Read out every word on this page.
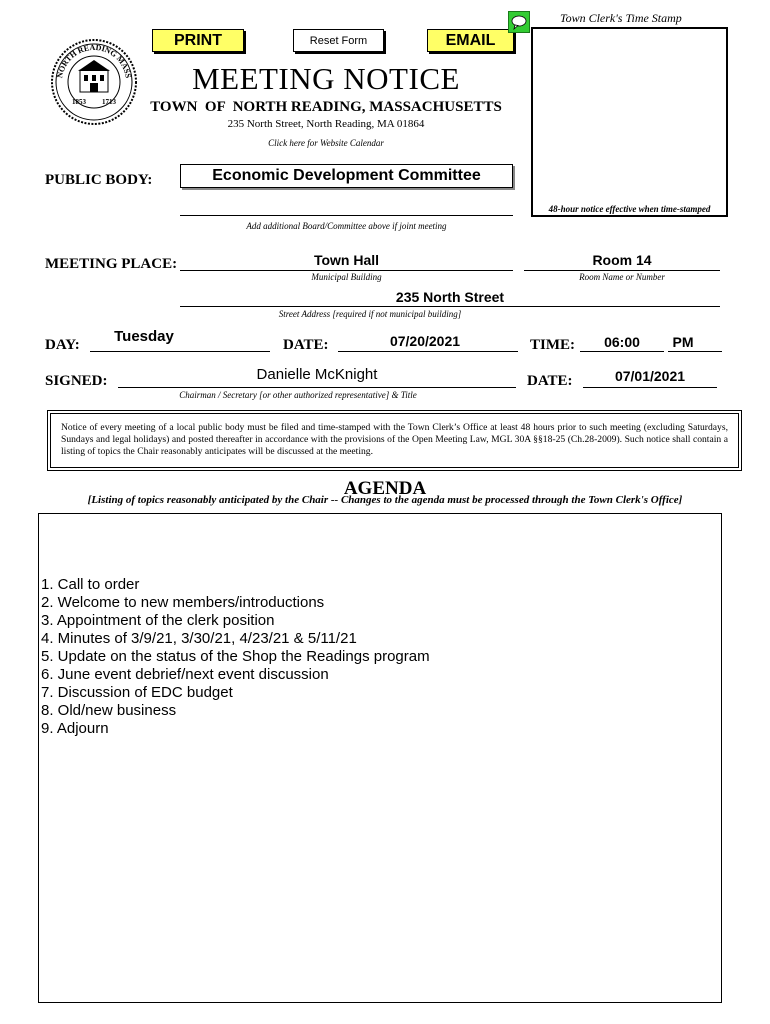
PRINT	Reset Form	EMAIL
Town Clerk's Time Stamp
48-hour notice effective when time-stamped
NORTH READING MASS
1853 1713
MEETING NOTICE
TOWN  OF  NORTH READING, MASSACHUSETTS
235 North Street, North Reading, MA 01864
Click here for Website Calendar
PUBLIC BODY:	Economic Development Committee
Add additional Board/Committee above if joint meeting
MEETING PLACE:	Town Hall
Municipal Building
Room 14
Room Name or Number
235 North Street
Street Address [required if not municipal building]
DAY:	Tuesday	DATE:	07/20/2021	TIME:	06:00	PM
SIGNED:	Danielle McKnight
Chairman / Secretary [or other authorized representative] & Title
DATE:	07/01/2021
Notice of every meeting of a local public body must be filed and time-stamped with the Town Clerk’s Office at least 48 hours prior to such meeting (excluding Saturdays, Sundays and legal holidays) and posted thereafter in accordance with the provisions of the Open Meeting Law, MGL 30A §§18-25 (Ch.28-2009). Such notice shall contain a listing of topics the Chair reasonably anticipates will be discussed at the meeting.
AGENDA
[Listing of topics reasonably anticipated by the Chair -- Changes to the agenda must be processed through the Town Clerk's Office]
1. Call to order
2. Welcome to new members/introductions
3. Appointment of the clerk position
4. Minutes of 3/9/21, 3/30/21, 4/23/21 & 5/11/21
5. Update on the status of the Shop the Readings program
6. June event debrief/next event discussion
7. Discussion of EDC budget
8. Old/new business
9. Adjourn
